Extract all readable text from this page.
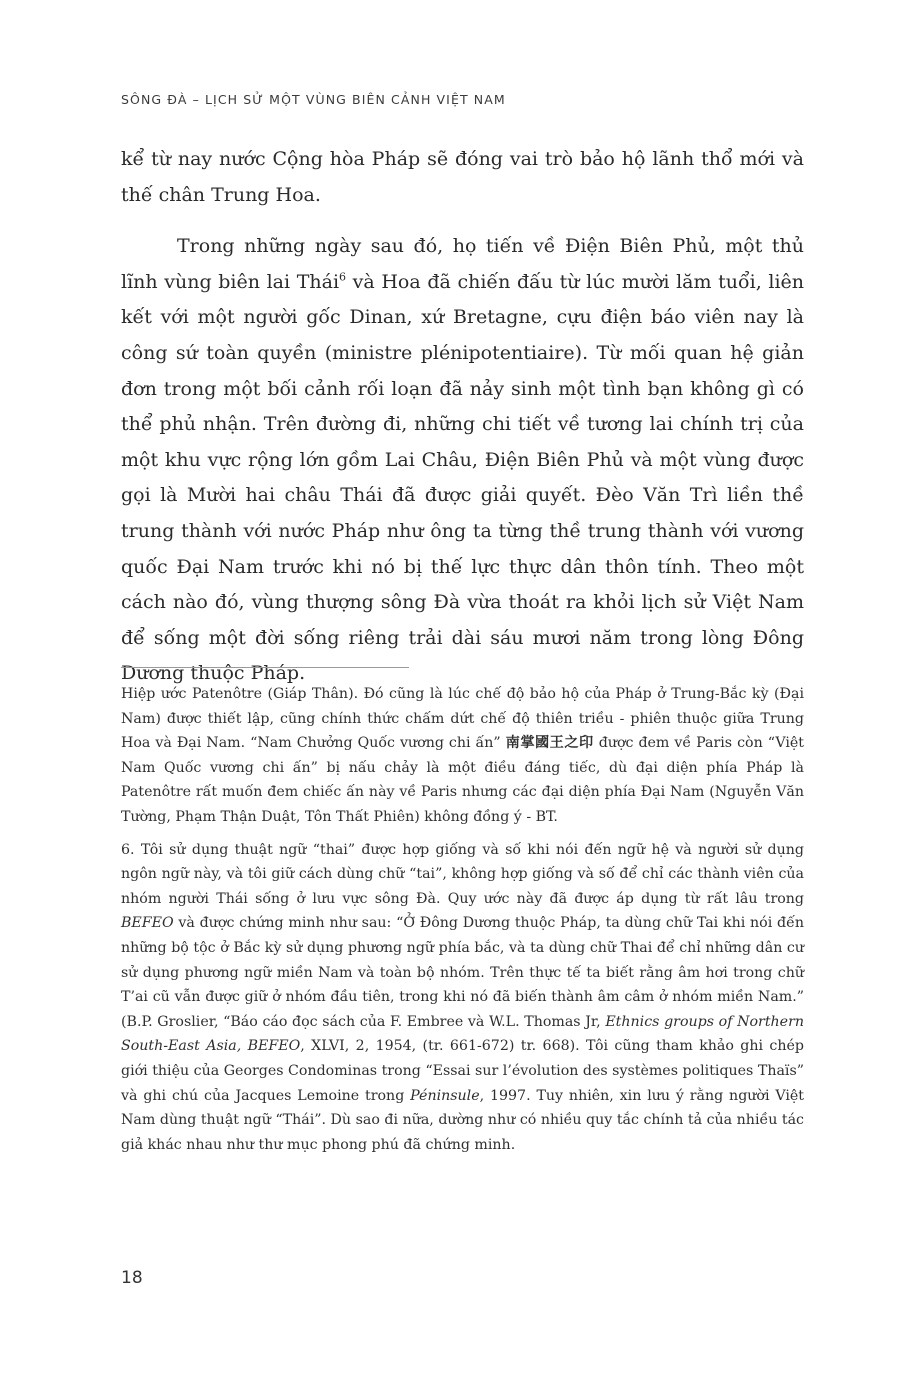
SÔNG ĐÀ – LỊCH SỬ MỘT VÙNG BIÊN CẢNH VIỆT NAM

kể từ nay nước Cộng hòa Pháp sẽ đóng vai trò bảo hộ lãnh thổ mới và thế chân Trung Hoa.

Trong những ngày sau đó, họ tiến về Điện Biên Phủ, một thủ lĩnh vùng biên lai Thái$^6$ và Hoa đã chiến đấu từ lúc mười lăm tuổi, liên kết với một người gốc Dinan, xứ Bretagne, cựu điện báo viên nay là công sứ toàn quyền (ministre plénipotentiaire). Từ mối quan hệ giản đơn trong một bối cảnh rối loạn đã nảy sinh một tình bạn không gì có thể phủ nhận. Trên đường đi, những chi tiết về tương lai chính trị của một khu vực rộng lớn gồm Lai Châu, Điện Biên Phủ và một vùng được gọi là Mười hai châu Thái đã được giải quyết. Đèo Văn Trì liền thề trung thành với nước Pháp như ông ta từng thề trung thành với vương quốc Đại Nam trước khi nó bị thế lực thực dân thôn tính. Theo một cách nào đó, vùng thượng sông Đà vừa thoát ra khỏi lịch sử Việt Nam để sống một đời sống riêng trải dài sáu mươi năm trong lòng Đông Dương thuộc Pháp.

Hiệp ước Patenôtre (Giáp Thân). Đó cũng là lúc chế độ bảo hộ của Pháp ở Trung-Bắc kỳ (Đại Nam) được thiết lập, cũng chính thức chấm dứt chế độ thiên triều - phiên thuộc giữa Trung Hoa và Đại Nam. “Nam Chưởng Quốc vương chi ấn” 南掌國王之印 được đem về Paris còn “Việt Nam Quốc vương chi ấn” bị nấu chảy là một điều đáng tiếc, dù đại diện phía Pháp là Patenôtre rất muốn đem chiếc ấn này về Paris nhưng các đại diện phía Đại Nam (Nguyễn Văn Tường, Phạm Thận Duật, Tôn Thất Phiên) không đồng ý - BT.

6. Tôi sử dụng thuật ngữ “thai” được hợp giống và số khi nói đến ngữ hệ và người sử dụng ngôn ngữ này, và tôi giữ cách dùng chữ “tai”, không hợp giống và số để chỉ các thành viên của nhóm người Thái sống ở lưu vực sông Đà. Quy ước này đã được áp dụng từ rất lâu trong BEFEO và được chứng minh như sau: “Ở Đông Dương thuộc Pháp, ta dùng chữ Tai khi nói đến những bộ tộc ở Bắc kỳ sử dụng phương ngữ phía bắc, và ta dùng chữ Thai để chỉ những dân cư sử dụng phương ngữ miền Nam và toàn bộ nhóm. Trên thực tế ta biết rằng âm hơi trong chữ T’ai cũ vẫn được giữ ở nhóm đầu tiên, trong khi nó đã biến thành âm câm ở nhóm miền Nam.” (B.P. Groslier, “Báo cáo đọc sách của F. Embree và W.L. Thomas Jr, Ethnics groups of Northern South-East Asia, BEFEO, XLVI, 2, 1954, (tr. 661-672) tr. 668). Tôi cũng tham khảo ghi chép giới thiệu của Georges Condominas trong “Essai sur l’évolution des systèmes politiques Thaïs” và ghi chú của Jacques Lemoine trong Péninsule, 1997. Tuy nhiên, xin lưu ý rằng người Việt Nam dùng thuật ngữ “Thái”. Dù sao đi nữa, dường như có nhiều quy tắc chính tả của nhiều tác giả khác nhau như thư mục phong phú đã chứng minh.

18
